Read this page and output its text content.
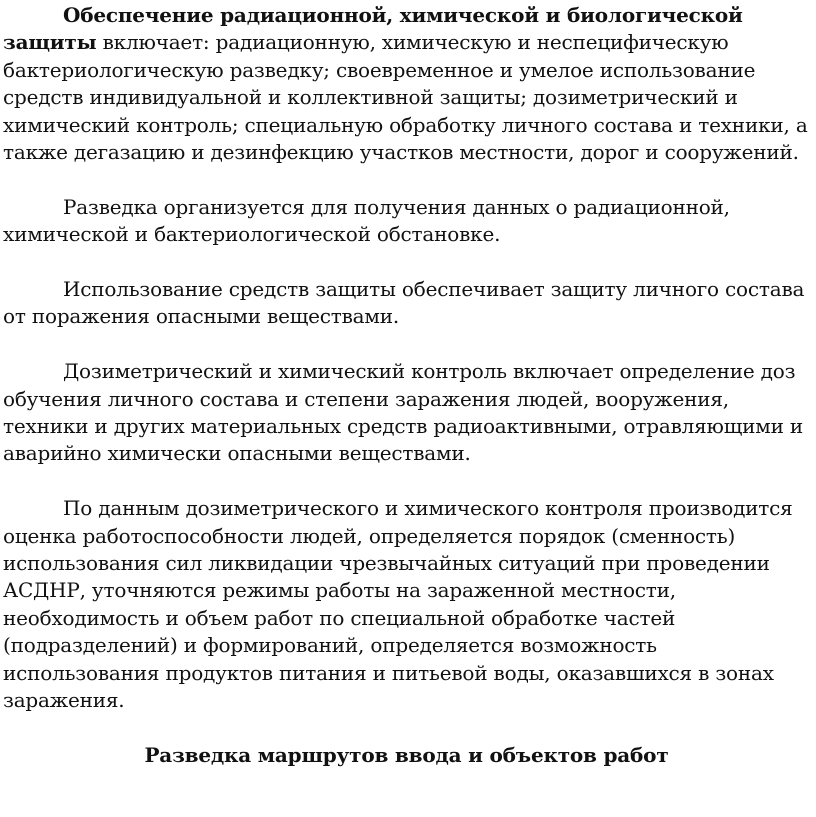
Обеспечение радиационной, химической и биологической защиты включает: радиационную, химическую и неспецифическую бактериологическую разведку; своевременное и умелое использование средств индивидуальной и коллективной защиты; дозиметрический и химический контроль; специальную обработку личного состава и техники, а также дегазацию и дезинфекцию участков местности, дорог и сооружений.

Разведка организуется для получения данных о радиационной, химической и бактериологической обстановке.

Использование средств защиты обеспечивает защиту личного состава от поражения опасными веществами.

Дозиметрический и химический контроль включает определение доз обучения личного состава и степени заражения людей, вооружения, техники и других материальных средств радиоактивными, отравляющими и аварийно химически опасными веществами.

По данным дозиметрического и химического контроля производится оценка работоспособности людей, определяется порядок (сменность) использования сил ликвидации чрезвычайных ситуаций при проведении АСДНР, уточняются режимы работы на зараженной местности, необходимость и объем работ по специальной обработке частей (подразделений) и формирований, определяется возможность использования продуктов питания и питьевой воды, оказавшихся в зонах заражения.

Разведка маршрутов ввода и объектов работ
